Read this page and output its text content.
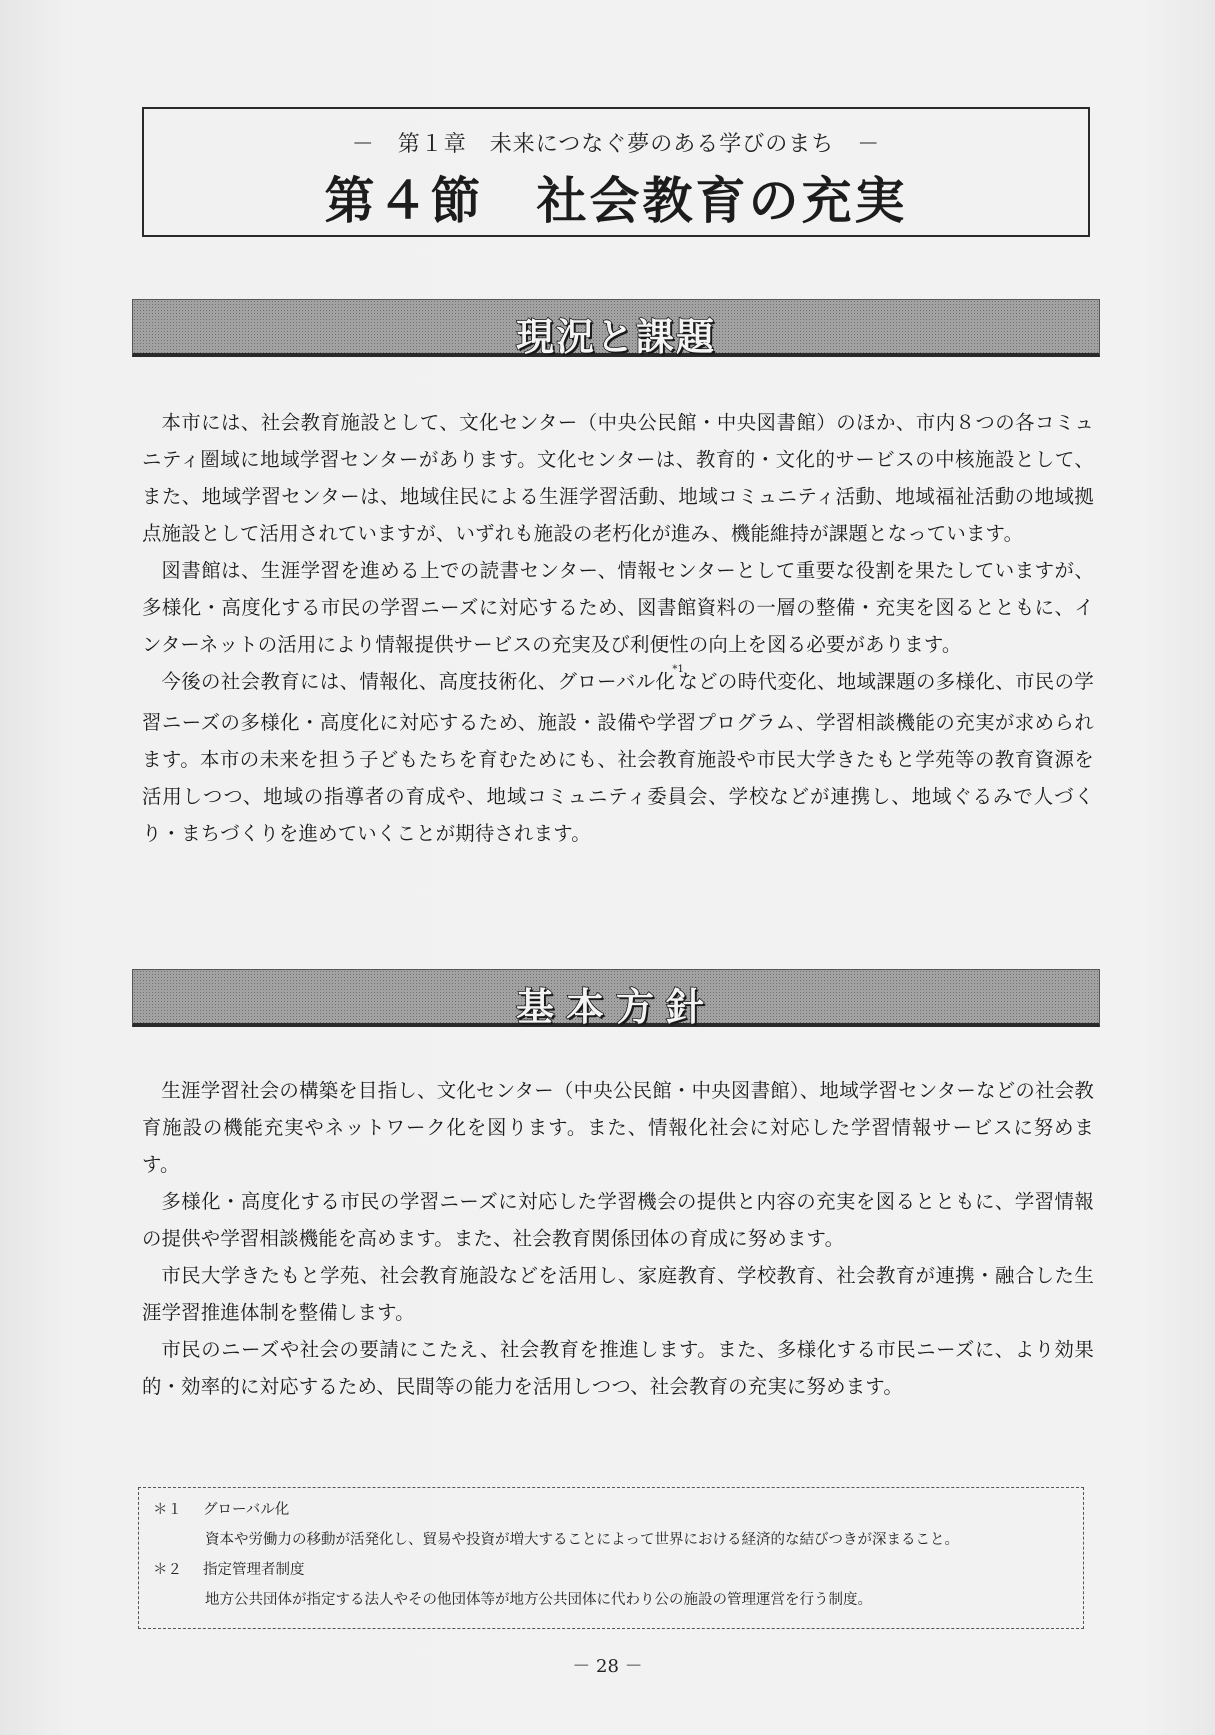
－　第１章　未来につなぐ夢のある学びのまち　－
第４節　社会教育の充実
現況と課題

本市には、社会教育施設として、文化センター（中央公民館・中央図書館）のほか、市内８つの各コミュニティ圏域に地域学習センターがあります。文化センターは、教育的・文化的サービスの中核施設として、また、地域学習センターは、地域住民による生涯学習活動、地域コミュニティ活動、地域福祉活動の地域拠点施設として活用されていますが、いずれも施設の老朽化が進み、機能維持が課題となっています。

図書館は、生涯学習を進める上での読書センター、情報センターとして重要な役割を果たしていますが、多様化・高度化する市民の学習ニーズに対応するため、図書館資料の一層の整備・充実を図るとともに、インターネットの活用により情報提供サービスの充実及び利便性の向上を図る必要があります。

今後の社会教育には、情報化、高度技術化、グローバル化$^{*1}$などの時代変化、地域課題の多様化、市民の学習ニーズの多様化・高度化に対応するため、施設・設備や学習プログラム、学習相談機能の充実が求められます。本市の未来を担う子どもたちを育むためにも、社会教育施設や市民大学きたもと学苑等の教育資源を活用しつつ、地域の指導者の育成や、地域コミュニティ委員会、学校などが連携し、地域ぐるみで人づくり・まちづくりを進めていくことが期待されます。

基本方針

生涯学習社会の構築を目指し、文化センター（中央公民館・中央図書館）、地域学習センターなどの社会教育施設の機能充実やネットワーク化を図ります。また、情報化社会に対応した学習情報サービスに努めます。

多様化・高度化する市民の学習ニーズに対応した学習機会の提供と内容の充実を図るとともに、学習情報の提供や学習相談機能を高めます。また、社会教育関係団体の育成に努めます。

市民大学きたもと学苑、社会教育施設などを活用し、家庭教育、学校教育、社会教育が連携・融合した生涯学習推進体制を整備します。

市民のニーズや社会の要請にこたえ、社会教育を推進します。また、多様化する市民ニーズに、より効果的・効率的に対応するため、民間等の能力を活用しつつ、社会教育の充実に努めます。

＊１ グローバル化
資本や労働力の移動が活発化し、貿易や投資が増大することによって世界における経済的な結びつきが深まること。
＊２ 指定管理者制度
地方公共団体が指定する法人やその他団体等が地方公共団体に代わり公の施設の管理運営を行う制度。
－ 28 －
